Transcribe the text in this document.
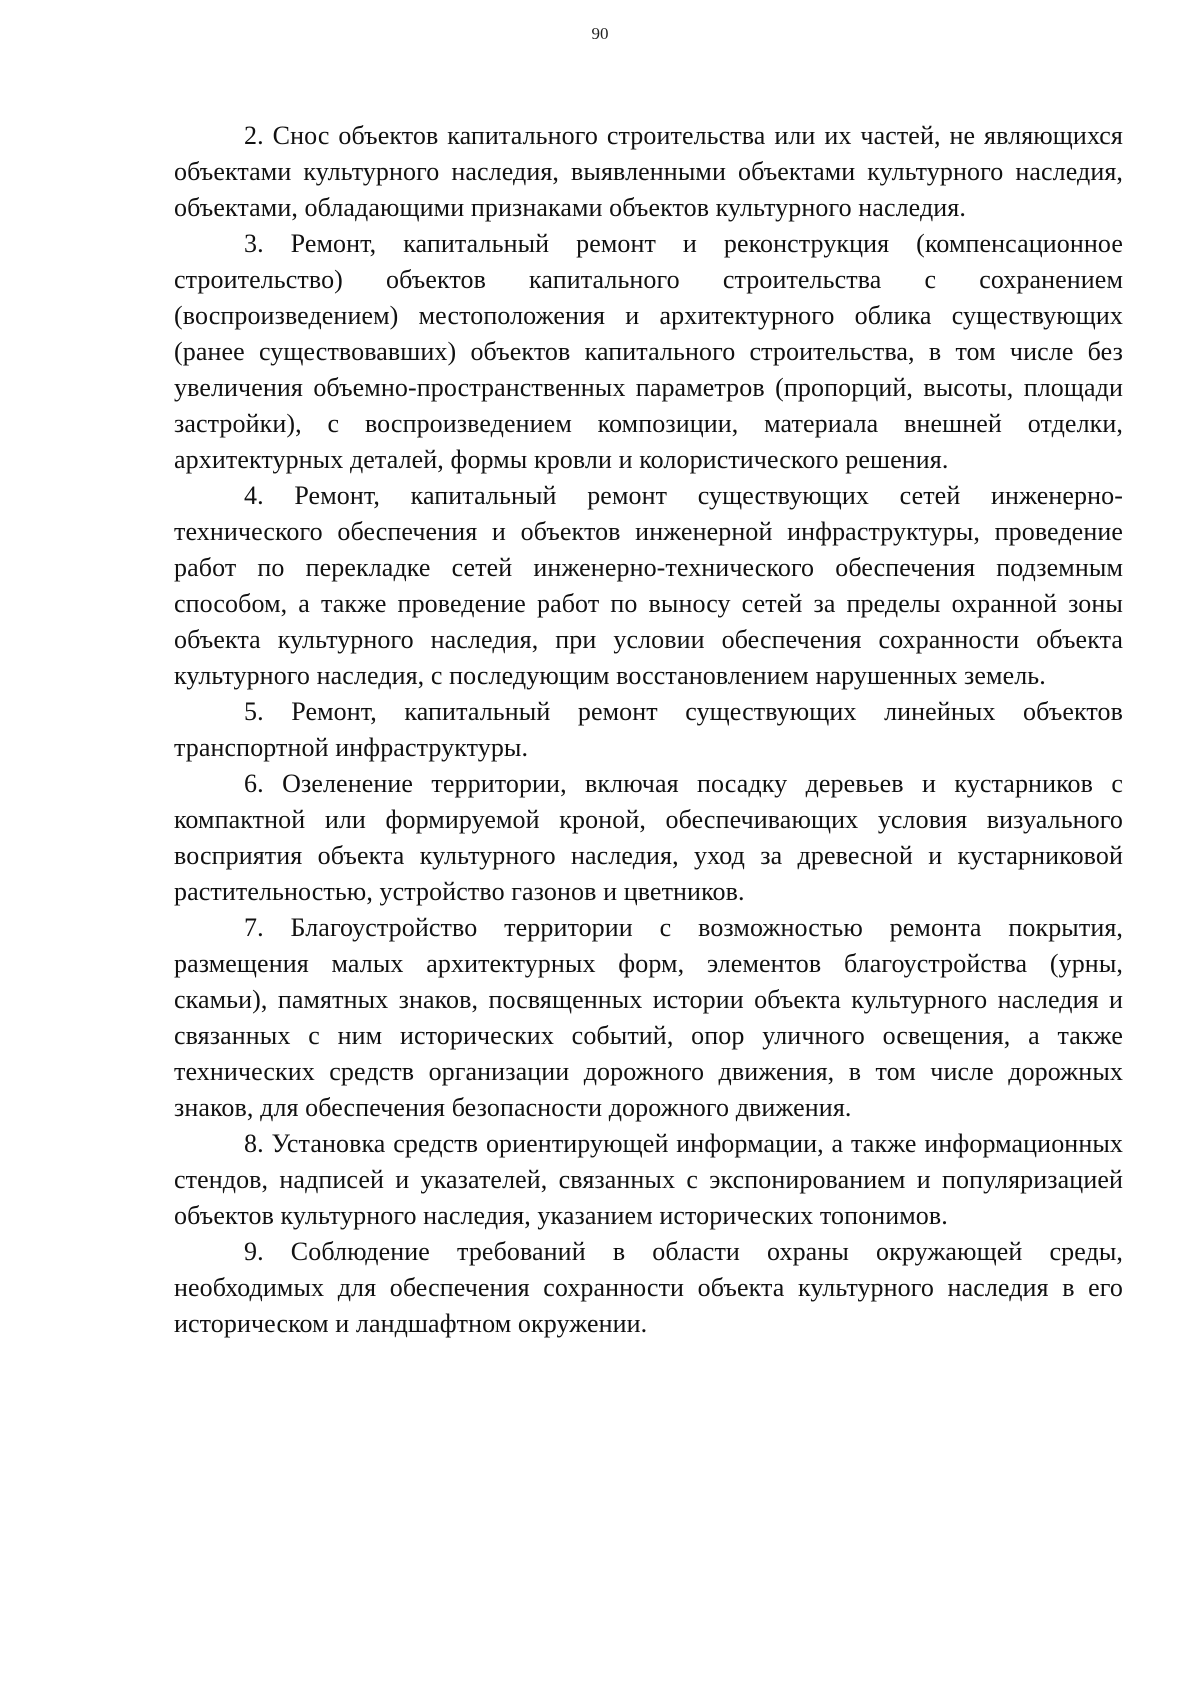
90

2. Снос объектов капитального строительства или их частей, не являющихся объектами культурного наследия, выявленными объектами культурного наследия, объектами, обладающими признаками объектов культурного наследия.

3. Ремонт, капитальный ремонт и реконструкция (компенсационное строительство) объектов капитального строительства с сохранением (воспроизведением) местоположения и архитектурного облика существующих (ранее существовавших) объектов капитального строительства, в том числе без увеличения объемно-пространственных параметров (пропорций, высоты, площади застройки), с воспроизведением композиции, материала внешней отделки, архитектурных деталей, формы кровли и колористического решения.

4. Ремонт, капитальный ремонт существующих сетей инженерно-технического обеспечения и объектов инженерной инфраструктуры, проведение работ по перекладке сетей инженерно-технического обеспечения подземным способом, а также проведение работ по выносу сетей за пределы охранной зоны объекта культурного наследия, при условии обеспечения сохранности объекта культурного наследия, с последующим восстановлением нарушенных земель.

5. Ремонт, капитальный ремонт существующих линейных объектов транспортной инфраструктуры.

6. Озеленение территории, включая посадку деревьев и кустарников с компактной или формируемой кроной, обеспечивающих условия визуального восприятия объекта культурного наследия, уход за древесной и кустарниковой растительностью, устройство газонов и цветников.

7. Благоустройство территории с возможностью ремонта покрытия, размещения малых архитектурных форм, элементов благоустройства (урны, скамьи), памятных знаков, посвященных истории объекта культурного наследия и связанных с ним исторических событий, опор уличного освещения, а также технических средств организации дорожного движения, в том числе дорожных знаков, для обеспечения безопасности дорожного движения.

8. Установка средств ориентирующей информации, а также информационных стендов, надписей и указателей, связанных с экспонированием и популяризацией объектов культурного наследия, указанием исторических топонимов.

9. Соблюдение требований в области охраны окружающей среды, необходимых для обеспечения сохранности объекта культурного наследия в его историческом и ландшафтном окружении.
